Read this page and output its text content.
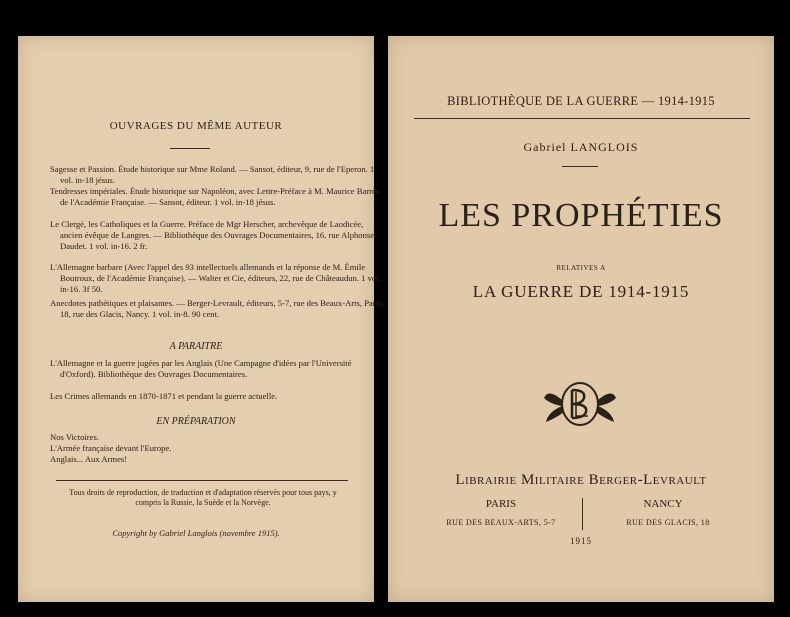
OUVRAGES DU MÊME AUTEUR

Sagesse et Passion. Étude historique sur Mme Roland. — Sansot, éditeur, 9, rue de l'Eperon. 1 vol. in-18 jésus.

Tendresses impériales. Étude historique sur Napoléon, avec Lettre-Préface à M. Maurice Barrès, de l'Académie Française. — Sansot, éditeur. 1 vol. in-18 jésus.

Le Clergé, les Catholiques et la Guerre. Préface de Mgr Herscher, archevêque de Laodicée, ancien évêque de Langres. — Bibliothèque des Ouvrages Documentaires, 16, rue Alphonse-Daudet. 1 vol. in-16. 2 fr.

L'Allemagne barbare (Avec l'appel des 93 intellectuels allemands et la réponse de M. Émile Boutroux, de l'Académie Française). — Walter et Cie, éditeurs, 22, rue de Châteaudun. 1 vol. in-16. 3f 50.

Anecdotes pathétiques et plaisantes. — Berger-Levrault, éditeurs, 5-7, rue des Beaux-Arts, Paris; 18, rue des Glacis, Nancy. 1 vol. in-8. 90 cent.

A PARAITRE

L'Allemagne et la guerre jugées par les Anglais (Une Campagne d'idées par l'Université d'Oxford). Bibliothèque des Ouvrages Documentaires.

Les Crimes allemands en 1870-1871 et pendant la guerre actuelle.

EN PRÉPARATION

Nos Victoires.

L'Armée française devant l'Europe.

Anglais... Aux Armes!

Tous droits de reproduction, de traduction et d'adaptation réservés pour tous pays, y compris la Russie, la Suède et la Norvège.

Copyright by Gabriel Langlois (novembre 1915).

BIBLIOTHÈQUE DE LA GUERRE — 1914-1915

Gabriel LANGLOIS

LES PROPHÉTIES

RELATIVES A

LA GUERRE DE 1914-1915

Librairie Militaire Berger-Levrault

PARIS

RUE DES BEAUX-ARTS, 5-7

NANCY

RUE DES GLACIS, 18

1915
